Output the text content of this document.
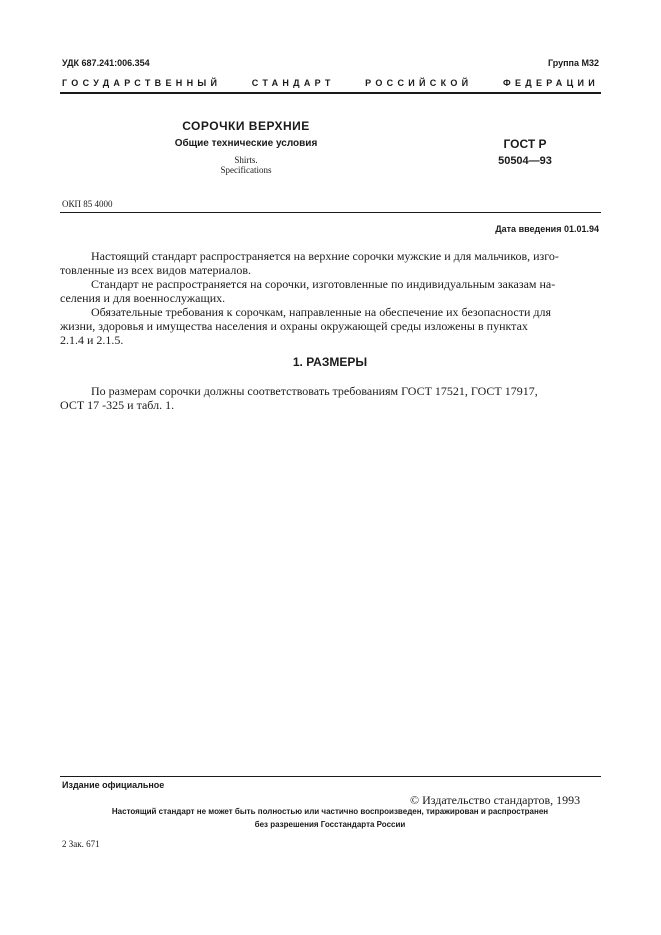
УДК 687.241:006.354	Группа М32
ГОСУДАРСТВЕННЫЙ	СТАНДАРТ	РОССИЙСКОЙ	ФЕДЕРАЦИИ
СОРОЧКИ ВЕРХНИЕ
Общие технические условия
Shirts.
Specifications
ГОСТ Р
50504—93
ОКП 85 4000
Дата введения 01.01.94
Настоящий стандарт распространяется на верхние сорочки мужские и для мальчиков, изго-
товленные из всех видов материалов.
Стандарт не распространяется на сорочки, изготовленные по индивидуальным заказам на-
селения и для военнослужащих.
Обязательные требования к сорочкам, направленные на обеспечение их безопасности для
жизни, здоровья и имущества населения и охраны окружающей среды изложены в пунктах
2.1.4 и 2.1.5.
1. РАЗМЕРЫ
По размерам сорочки должны соответствовать требованиям ГОСТ 17521, ГОСТ 17917,
ОСТ 17 -325 и табл. 1.
Издание официальное
© Издательство стандартов, 1993
Настоящий стандарт не может быть полностью или частично воспроизведен, тиражирован и распространен
без разрешения Госстандарта России
2 Зак. 671
